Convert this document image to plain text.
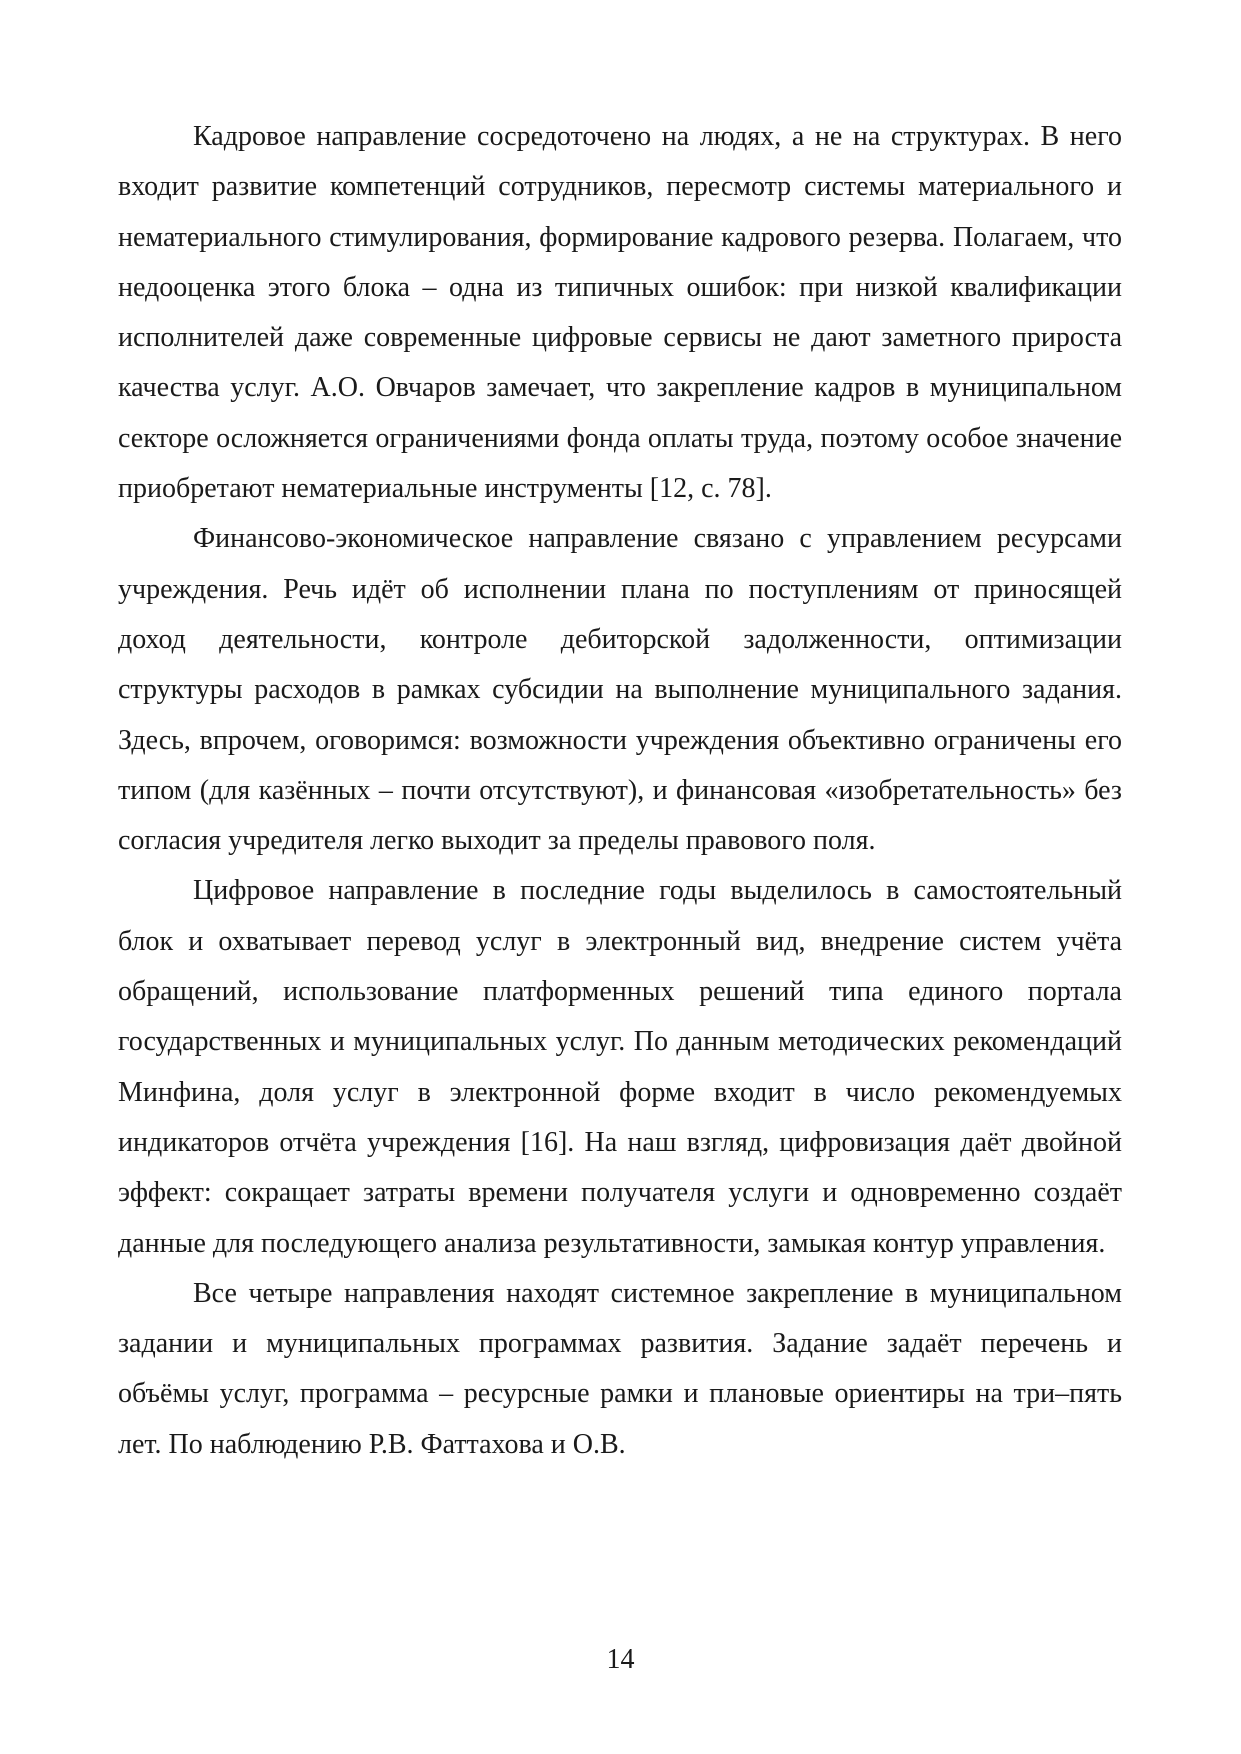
Кадровое направление сосредоточено на людях, а не на структурах. В него входит развитие компетенций сотрудников, пересмотр системы материального и нематериального стимулирования, формирование кадрового резерва. Полагаем, что недооценка этого блока – одна из типичных ошибок: при низкой квалификации исполнителей даже современные цифровые сервисы не дают заметного прироста качества услуг. А.О. Овчаров замечает, что закрепление кадров в муниципальном секторе осложняется ограничениями фонда оплаты труда, поэтому особое значение приобретают нематериальные инструменты [12, с. 78].

Финансово-экономическое направление связано с управлением ресурсами учреждения. Речь идёт об исполнении плана по поступлениям от приносящей доход деятельности, контроле дебиторской задолженности, оптимизации структуры расходов в рамках субсидии на выполнение муниципального задания. Здесь, впрочем, оговоримся: возможности учреждения объективно ограничены его типом (для казённых – почти отсутствуют), и финансовая «изобретательность» без согласия учредителя легко выходит за пределы правового поля.

Цифровое направление в последние годы выделилось в самостоятельный блок и охватывает перевод услуг в электронный вид, внедрение систем учёта обращений, использование платформенных решений типа единого портала государственных и муниципальных услуг. По данным методических рекомендаций Минфина, доля услуг в электронной форме входит в число рекомендуемых индикаторов отчёта учреждения [16]. На наш взгляд, цифровизация даёт двойной эффект: сокращает затраты времени получателя услуги и одновременно создаёт данные для последующего анализа результативности, замыкая контур управления.

Все четыре направления находят системное закрепление в муниципальном задании и муниципальных программах развития. Задание задаёт перечень и объёмы услуг, программа – ресурсные рамки и плановые ориентиры на три–пять лет. По наблюдению Р.В. Фаттахова и О.В.

14
